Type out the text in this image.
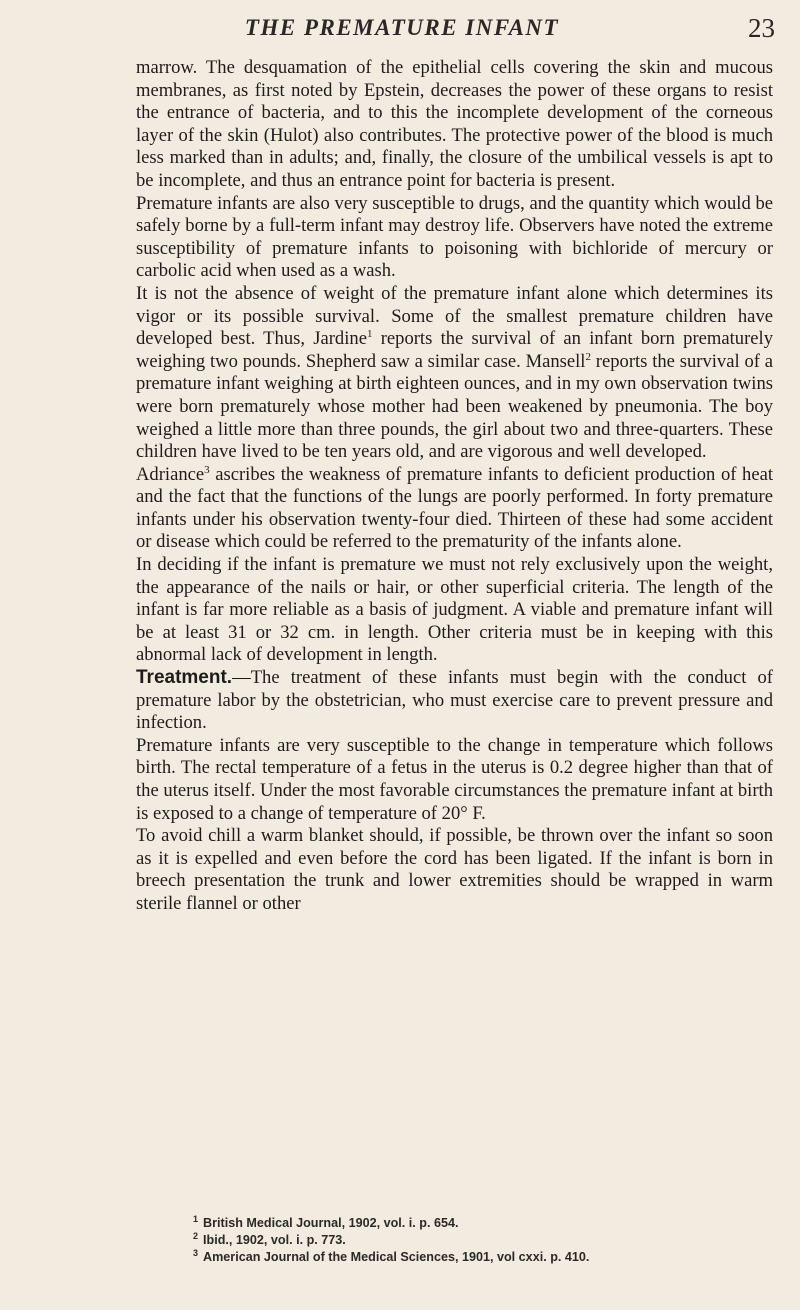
THE PREMATURE INFANT	23

marrow. The desquamation of the epithelial cells covering the skin and mucous membranes, as first noted by Epstein, decreases the power of these organs to resist the entrance of bacteria, and to this the incomplete development of the corneous layer of the skin (Hulot) also contributes. The protective power of the blood is much less marked than in adults; and, finally, the closure of the umbilical vessels is apt to be incomplete, and thus an entrance point for bacteria is present.

Premature infants are also very susceptible to drugs, and the quantity which would be safely borne by a full-term infant may destroy life. Observers have noted the extreme susceptibility of premature infants to poisoning with bichloride of mercury or carbolic acid when used as a wash.

It is not the absence of weight of the premature infant alone which determines its vigor or its possible survival. Some of the smallest premature children have developed best. Thus, Jardine$^1$ reports the survival of an infant born prematurely weighing two pounds. Shepherd saw a similar case. Mansell$^2$ reports the survival of a premature infant weighing at birth eighteen ounces, and in my own observation twins were born prematurely whose mother had been weakened by pneumonia. The boy weighed a little more than three pounds, the girl about two and three-quarters. These children have lived to be ten years old, and are vigorous and well developed.

Adriance$^3$ ascribes the weakness of premature infants to deficient production of heat and the fact that the functions of the lungs are poorly performed. In forty premature infants under his observation twenty-four died. Thirteen of these had some accident or disease which could be referred to the prematurity of the infants alone.

In deciding if the infant is premature we must not rely exclusively upon the weight, the appearance of the nails or hair, or other superficial criteria. The length of the infant is far more reliable as a basis of judgment. A viable and premature infant will be at least 31 or 32 cm. in length. Other criteria must be in keeping with this abnormal lack of development in length.

Treatment.—The treatment of these infants must begin with the conduct of premature labor by the obstetrician, who must exercise care to prevent pressure and infection.

Premature infants are very susceptible to the change in temperature which follows birth. The rectal temperature of a fetus in the uterus is 0.2 degree higher than that of the uterus itself. Under the most favorable circumstances the premature infant at birth is exposed to a change of temperature of 20° F.

To avoid chill a warm blanket should, if possible, be thrown over the infant so soon as it is expelled and even before the cord has been ligated. If the infant is born in breech presentation the trunk and lower extremities should be wrapped in warm sterile flannel or other

$^1$ British Medical Journal, 1902, vol. i. p. 654.
$^2$ Ibid., 1902, vol. i. p. 773.
$^3$ American Journal of the Medical Sciences, 1901, vol cxxi. p. 410.
